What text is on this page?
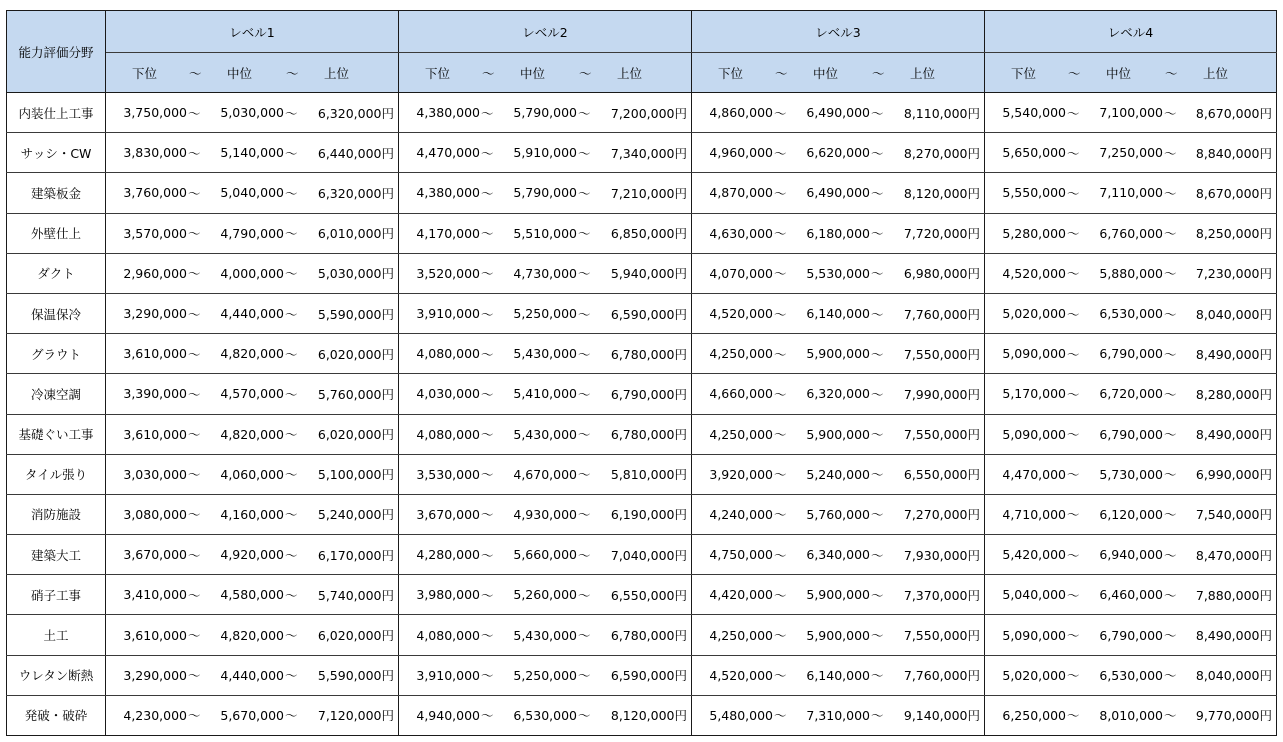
能力評価分野	レベル1	レベル2	レベル3	レベル4

	下位 〜 中位 〜 上位	下位 〜 中位 〜 上位	下位 〜 中位 〜 上位	下位 〜 中位 〜 上位

内装仕上工事	3,750,000 〜 5,030,000 〜 6,320,000円	4,380,000 〜 5,790,000 〜 7,200,000円	4,860,000 〜 6,490,000 〜 8,110,000円	5,540,000 〜 7,100,000 〜 8,670,000円

サッシ・CW	3,830,000 〜 5,140,000 〜 6,440,000円	4,470,000 〜 5,910,000 〜 7,340,000円	4,960,000 〜 6,620,000 〜 8,270,000円	5,650,000 〜 7,250,000 〜 8,840,000円

建築板金	3,760,000 〜 5,040,000 〜 6,320,000円	4,380,000 〜 5,790,000 〜 7,210,000円	4,870,000 〜 6,490,000 〜 8,120,000円	5,550,000 〜 7,110,000 〜 8,670,000円

外壁仕上	3,570,000 〜 4,790,000 〜 6,010,000円	4,170,000 〜 5,510,000 〜 6,850,000円	4,630,000 〜 6,180,000 〜 7,720,000円	5,280,000 〜 6,760,000 〜 8,250,000円

ダクト	2,960,000 〜 4,000,000 〜 5,030,000円	3,520,000 〜 4,730,000 〜 5,940,000円	4,070,000 〜 5,530,000 〜 6,980,000円	4,520,000 〜 5,880,000 〜 7,230,000円

保温保冷	3,290,000 〜 4,440,000 〜 5,590,000円	3,910,000 〜 5,250,000 〜 6,590,000円	4,520,000 〜 6,140,000 〜 7,760,000円	5,020,000 〜 6,530,000 〜 8,040,000円

グラウト	3,610,000 〜 4,820,000 〜 6,020,000円	4,080,000 〜 5,430,000 〜 6,780,000円	4,250,000 〜 5,900,000 〜 7,550,000円	5,090,000 〜 6,790,000 〜 8,490,000円

冷凍空調	3,390,000 〜 4,570,000 〜 5,760,000円	4,030,000 〜 5,410,000 〜 6,790,000円	4,660,000 〜 6,320,000 〜 7,990,000円	5,170,000 〜 6,720,000 〜 8,280,000円

基礎ぐい工事	3,610,000 〜 4,820,000 〜 6,020,000円	4,080,000 〜 5,430,000 〜 6,780,000円	4,250,000 〜 5,900,000 〜 7,550,000円	5,090,000 〜 6,790,000 〜 8,490,000円

タイル張り	3,030,000 〜 4,060,000 〜 5,100,000円	3,530,000 〜 4,670,000 〜 5,810,000円	3,920,000 〜 5,240,000 〜 6,550,000円	4,470,000 〜 5,730,000 〜 6,990,000円

消防施設	3,080,000 〜 4,160,000 〜 5,240,000円	3,670,000 〜 4,930,000 〜 6,190,000円	4,240,000 〜 5,760,000 〜 7,270,000円	4,710,000 〜 6,120,000 〜 7,540,000円

建築大工	3,670,000 〜 4,920,000 〜 6,170,000円	4,280,000 〜 5,660,000 〜 7,040,000円	4,750,000 〜 6,340,000 〜 7,930,000円	5,420,000 〜 6,940,000 〜 8,470,000円

硝子工事	3,410,000 〜 4,580,000 〜 5,740,000円	3,980,000 〜 5,260,000 〜 6,550,000円	4,420,000 〜 5,900,000 〜 7,370,000円	5,040,000 〜 6,460,000 〜 7,880,000円

土工	3,610,000 〜 4,820,000 〜 6,020,000円	4,080,000 〜 5,430,000 〜 6,780,000円	4,250,000 〜 5,900,000 〜 7,550,000円	5,090,000 〜 6,790,000 〜 8,490,000円

ウレタン断熱	3,290,000 〜 4,440,000 〜 5,590,000円	3,910,000 〜 5,250,000 〜 6,590,000円	4,520,000 〜 6,140,000 〜 7,760,000円	5,020,000 〜 6,530,000 〜 8,040,000円

発破・破砕	4,230,000 〜 5,670,000 〜 7,120,000円	4,940,000 〜 6,530,000 〜 8,120,000円	5,480,000 〜 7,310,000 〜 9,140,000円	6,250,000 〜 8,010,000 〜 9,770,000円
